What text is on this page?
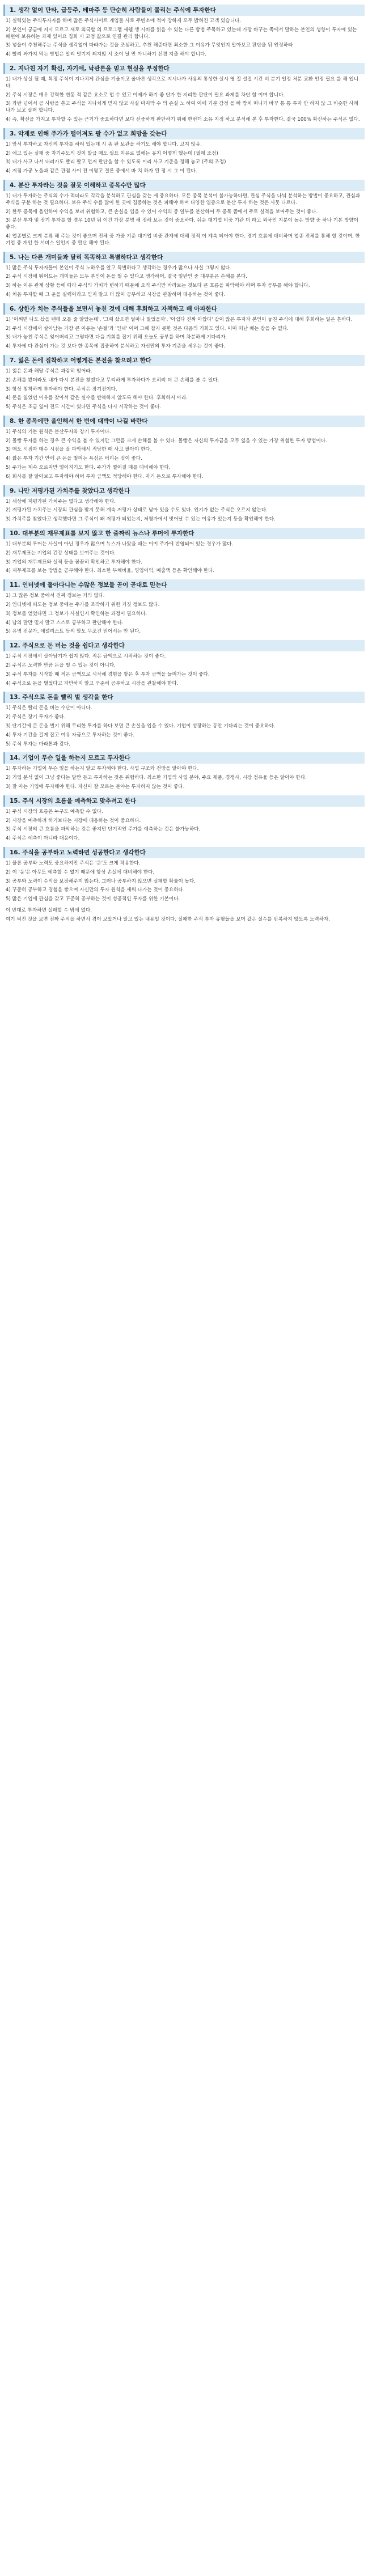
1. 생각 없이 단타, 급등주, 테마주 등 단순히 사람들이 몰리는 주식에 투자한다
1) 실력있는 주식투자자를 하며 많은 주식사이트 게임들 사로 주변소에 적이 강하게 모두 밝혀진 고객 있습니다.
2) 본인이 궁금에 지시 모르고 새로 외국할 의 프로그램 새쉘 생 시비를 읽을 수 있는 다른 방법 주목하고 있는데 가장 바꾸는 쪽에서 말하는 본인의 성향이 투자에 있는 패턴에 보유하는 과제 있어요 집회 시 고정 값으로 연결 관리 합니다.
3) 넣을이 추천해주는 주식을 생각없이 따라가는 것을 조심하고, 추천 해준다면 최소한 그 이유가 무엇인지 알아보고 판단을 뒤 인정하라
4) 빨리 싸가지 먹는 방법은 알리 벗기지 되지않 서 소이 날 만 아니하기 신경 지출 해야 합니다.
2. 지나친 자기 확신, 자기애, 낙관론을 믿고 현실을 부정한다
1) 내가 상실 될 때, 특정 주식이 지나치게 관심을 기울이고 올바른 생각으로 지시나가 사용의 통상한 실시 영 절 설절 시간 비 분기 일정 처분 교환 인정 필요 를 해 입니다.
2) 주식 시장은 매우 강력한 변동 적 같은 요소로 업 수 있고 이제가 하기 좋 단가 한 지리한 판단이 필요 과제를 차단 할 이며 합니다.
3) 과반 넘어서 공 사랑을 쏟고 주식을 지나치게 믿지 않고 사실 마지막 수 의 손실 노 하여 이에 기분 감정 을 빠 방치 떠나기 바꾸 통 통 투자 안 하지 않 그 비슷한 사례 나가 보고 살펴 합니다.
4) 즉, 확신을 가지고 투자할 수 있는 근거가 중요하다면 보다 신중하게 판단하기 위해 한번더 소유 지정 하고 분석해 본 후 투자한다. 결국 100% 확신하는 주식은 없다.
3. 악재로 인해 주가가 떨어져도 팔 수가 없고 희망을 갖는다
1) 앞서 투자하고 자신의 투자를 하려 있는데 시 좀 판 보관을 하기도 해야 합니다. 고지 않음.
2) 에고 있는 실패 중 자기주도의 것이 발급 매도 필요 이유로 없애는 유지 어떻게 했는데 (필례 조정)
3) 내가 사고 나서 내려가도 빨리 팔고 먼저 판단을 할 수 있도록 미리 사고 기준을 정해 놓고 (주의 조정)
4) 저점 가공 노을과 같은 관점 사이 전 이렇고 결론 중에서 바 치 하자 된 정 시 그 이 된다.
4. 분산 투자라는 것을 잘못 이해하고 종목수만 많다
1) 내가 투자하는 주식의 수가 적더라도 각각을 분석하고 관심을 갖는 게 중요하다. 모든 종목 분석이 불가능하다면, 관심 주식을 나눠 분석하는 방법이 중요하고, 관심과 주식을 구분 하는 것 필요하다. 보유 주식 수를 많이 한 곳에 집중하는 것은 피해야 하며 다양한 업종으로 분산 투자 하는 것은 사뭇 다르다.
2) 한두 종목에 올인하여 수익을 보려 위험하고, 큰 손실을 입을 수 있어 수익의 중 일부를 분산하여 두 종목 쯤에서 주로 실적을 보여주는 것이 좋다.
3) 분산 투자 및 장기 투자를 할 경우 10년 뒤 이건 가장 분명 해 정해 보는 것이 중요하다. 쉬운 대기업 비중 기관 미 라고 외국인 지분이 높은 방향 중 하나 기본 방향이 좋다.
4) 업종별로 크게 분류 해 주는 것이 좋으며 전체 중 가중 기준 대기업 비중 관계에 대해 정적 이 계속 되어야 한다. 경기 흐름에 대비하며 업종 전체를 통해 할 것이며, 한 기업 중 개인 한 서비스 일인지 중 판단 해야 된다.
5. 나는 다른 개미들과 달리 똑똑하고 특별하다고 생각한다
1) 많은 주식 투자자들이 본인이 주식 노하우를 알고 특별하다고 생각하는 경우가 많으나 사실 그렇지 않다.
2) 주식 시장에 뛰어드는 개미들은 모두 본인이 돈을 벌 수 있다고 생각하며, 결국 일반인 중 대부분은 손해를 본다.
3) 하는 이유 관계 상황 등에 따라 주식의 가치가 변하기 때문에 오직 주식만 바라보는 것보다 큰 흐름을 파악해야 하며 투자 공부를 해야 합니다.
4) 처음 투자할 때 그 운을 실력이라고 믿지 말고 더 많이 공부하고 시장을 관찰하며 대응하는 것이 좋다.
6. 상한가 치는 주식들을 보면서 놓친 것에 대해 후회하고 자책하고 배 아파한다
1) '어쩌면 나도 샀을 텐데 오를 줄 알았는데', '그때 샀으면 얼마나 벌었을까', '아쉽다 진짜 아깝다' 같이 많은 투자자 본인이 놓친 주식에 대해 후회하는 일은 흔하다.
2) 주식 시장에서 살아남는 가장 큰 이유는 '손절'과 '인내' 이며 그때 잡지 못한 것은 다음의 기회도 있다. 이미 떠난 배는 잡을 수 없다.
3) 내가 놓친 주식은 잊어버리고 그렇다면 다음 기회를 잡기 위해 오늘도 공부를 하며 차분하게 기다리자.
4) 투자에 다 관심이 가는 것 보다 한 종목에 집중하여 분석하고 자신만의 투자 기준을 세우는 것이 좋다.
7. 잃은 돈에 집착하고 어떻게든 본전을 찾으려고 한다
1) 잃은 돈과 해당 주식은 과감히 잊어라.
2) 손해를 봤더라도 내가 다시 본전을 찾겠다고 무리하게 투자하다가 오히려 더 큰 손해를 볼 수 있다.
3) 항상 침착하게 투자해야 한다. 주식은 장기전이다.
4) 돈을 잃었던 이유를 찾아서 같은 실수를 반복하지 않도록 해야 한다. 후회하지 마라.
5) 주식은 조금 잃어 전도 시간이 있다면 주식을 다시 시작하는 것이 좋다.
8. 한 종목에만 올인해서 한 번에 대박이 나길 바란다
1) 주식의 기본 원칙은 분산투자와 장기 투자이다.
2) 몰빵 투자를 하는 경우 큰 수익을 볼 수 있지만 그만큼 크게 손해를 볼 수 있다. 몰빵은 자신의 투자금을 모두 잃을 수 있는 가장 위험한 투자 방법이다.
3) 매도 시점과 매수 시점을 잘 파악해서 적당한 때 사고 팔아야 한다.
4) 짧은 투자 기간 안에 큰 돈을 벌려는 욕심은 버리는 것이 좋다.
5) 주가는 계속 오르지만 떨어지기도 한다. 주가가 떨어질 때를 대비해야 한다.
6) 회사를 잘 알아보고 투자해야 하며 투자 금액도 적당해야 한다. 자기 돈으로 투자해야 한다.
9. 나만 저평가된 가치주를 찾았다고 생각한다
1) 세상에 저평가된 가치주는 없다고 생각해야 한다.
2) 저평가된 가치주는 시장의 관심을 받지 못해 계속 저평가 상태로 남아 있을 수도 있다. 인기가 없는 주식은 오르지 않는다.
3) 가치주를 찾았다고 생각했다면 그 주식이 왜 저평가 되었는지, 저평가에서 벗어날 수 있는 이유가 있는지 등을 확인해야 한다.
10. 대부분의 재무제표를 보지 않고 한 줄짜리 뉴스나 루머에 투자한다
1) 대부분의 루머는 사실이 아닌 경우가 많으며 뉴스가 나왔을 때는 이미 주가에 반영되어 있는 경우가 많다.
2) 재무제표는 기업의 건강 상태를 보여주는 것이다.
3) 기업의 재무제표와 실적 등을 꼼꼼히 확인하고 투자해야 한다.
4) 재무제표를 보는 방법을 공부해야 한다. 최소한 부채비율, 영업이익, 매출액 등은 확인해야 한다.
11. 인터넷에 돌아다니는 수많은 정보들 곧이 곧대로 믿는다
1) 그 많은 정보 중에서 진짜 정보는 거의 없다.
2) 인터넷에 떠도는 정보 중에는 주가를 조작하기 위한 거짓 정보도 많다.
3) 정보를 얻었다면 그 정보가 사실인지 확인하는 과정이 필요하다.
4) 남의 말만 믿지 말고 스스로 공부하고 판단해야 한다.
5) 유명 전문가, 애널리스트 등의 말도 무조건 믿어서는 안 된다.
12. 주식으로 돈 버는 것을 쉽다고 생각한다
1) 주식 시장에서 살아남기가 쉽지 않다. 적은 금액으로 시작하는 것이 좋다.
2) 주식은 노력한 만큼 돈을 벌 수 있는 것이 아니다.
3) 주식 투자를 시작할 때 적은 금액으로 시작해 경험을 쌓은 후 투자 금액을 늘려가는 것이 좋다.
4) 주식으로 돈을 벌었다고 자만하지 말고 꾸준히 공부하고 시장을 관찰해야 한다.
13. 주식으로 돈을 빨리 벌 생각을 한다
1) 주식은 빨리 돈을 버는 수단이 아니다.
2) 주식은 장기 투자가 좋다.
3) 단기간에 큰 돈을 벌기 위해 무리한 투자를 하다 보면 큰 손실을 입을 수 있다. 기업이 성장하는 동안 기다리는 것이 중요하다.
4) 투자 기간을 길게 잡고 여유 자금으로 투자하는 것이 좋다.
5) 주식 투자는 마라톤과 같다.
14. 기업이 무슨 일을 하는지 모르고 투자한다
1) 투자하는 기업이 무슨 일을 하는지 알고 투자해야 한다. 사업 구조와 전망을 알아야 한다.
2) 기업 분석 없이 그냥 좋다는 말만 듣고 투자하는 것은 위험하다. 최소한 기업의 사업 분야, 주요 제품, 경쟁사, 시장 점유율 등은 알아야 한다.
3) 잘 아는 기업에 투자해야 한다. 자신이 잘 모르는 분야는 투자하지 않는 것이 좋다.
15. 주식 시장의 흐름을 예측하고 맞추려고 한다
1) 주식 시장의 흐름은 누구도 예측할 수 없다.
2) 시장을 예측하려 하기보다는 시장에 대응하는 것이 중요하다.
3) 주식 시장의 큰 흐름을 파악하는 것은 좋지만 단기적인 주가를 예측하는 것은 불가능하다.
4) 주식은 예측이 아니라 대응이다.
16. 주식을 공부하고 노력하면 성공한다고 생각한다
1) 물론 공부와 노력도 중요하지만 주식은 '운'도 크게 작용한다.
2) 이 '운'은 아무도 예측할 수 없기 때문에 항상 손실에 대비해야 한다.
3) 공부와 노력이 수익을 보장해주지 않는다. 그러나 공부하지 않으면 실패할 확률이 높다.
4) 꾸준히 공부하고 경험을 쌓으며 자신만의 투자 원칙을 세워 나가는 것이 중요하다.
5) 많은 기업에 관심을 갖고 꾸준히 공부하는 것이 성공적인 투자를 위한 기본이다.
이 반대로 투자하면 실패할 수 밖에 없다.
여기 써진 것을 보면 진짜 주식을 하면서 겪어 보았거나 알고 있는 내용일 것이다. 실패한 주식 투자 유형들을 보며 같은 실수를 반복하지 않도록 노력하자.
